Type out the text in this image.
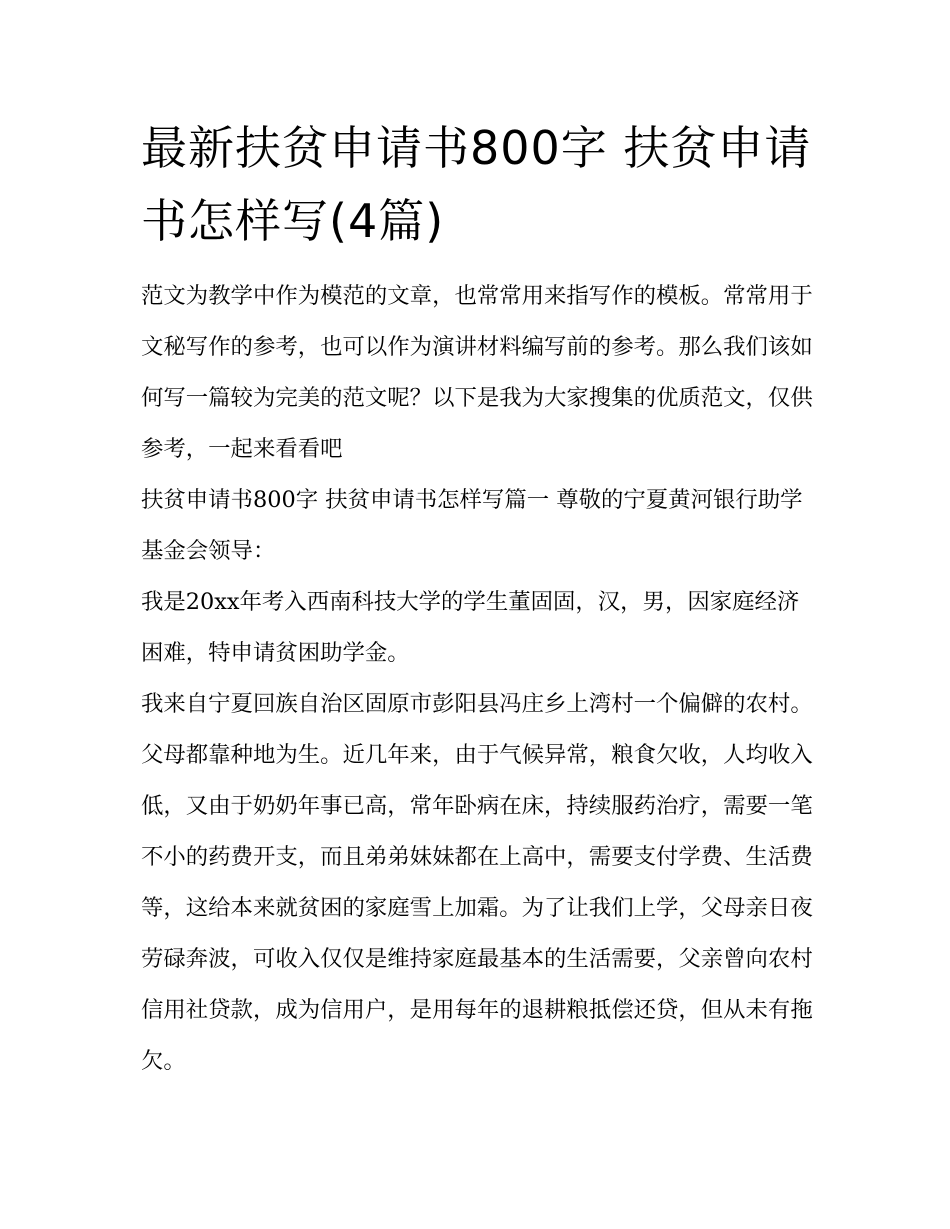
最新扶贫申请书800字 扶贫申请书怎样写(4篇)

范文为教学中作为模范的文章，也常常用来指写作的模板。常常用于文秘写作的参考，也可以作为演讲材料编写前的参考。那么我们该如何写一篇较为完美的范文呢？以下是我为大家搜集的优质范文，仅供参考，一起来看看吧

扶贫申请书800字 扶贫申请书怎样写篇一 尊敬的宁夏黄河银行助学基金会领导：

我是20xx年考入西南科技大学的学生董固固，汉，男，因家庭经济困难，特申请贫困助学金。

我来自宁夏回族自治区固原市彭阳县冯庄乡上湾村一个偏僻的农村。父母都靠种地为生。近几年来，由于气候异常，粮食欠收，人均收入低，又由于奶奶年事已高，常年卧病在床，持续服药治疗，需要一笔不小的药费开支，而且弟弟妹妹都在上高中，需要支付学费、生活费等，这给本来就贫困的家庭雪上加霜。为了让我们上学，父母亲日夜劳碌奔波，可收入仅仅是维持家庭最基本的生活需要，父亲曾向农村信用社贷款，成为信用户，是用每年的退耕粮抵偿还贷，但从未有拖欠。
